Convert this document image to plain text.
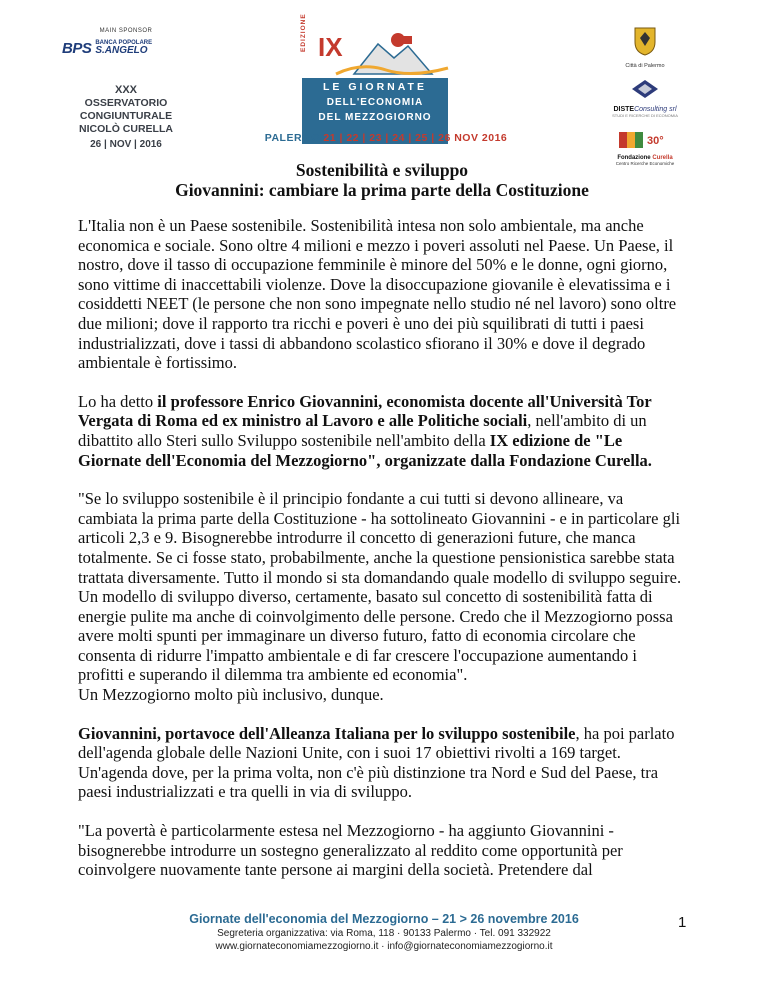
MAIN SPONSOR
BPS BANCA POPOLARE
S.ANGELO
XXX
OSSERVATORIO
CONGIUNTURALE
NICOLÒ CURELLA
26 | NOV | 2016
IX
EDIZIONE
LE GIORNATE
DELL'ECONOMIA
DEL MEZZOGIORNO
PALERMO 21 | 22 | 23 | 24 | 25 | 26 NOV 2016
Città di Palermo
DISTEConsulting srl
STUDI E RICERCHE DI ECONOMIA
30°
Fondazione Curella
Centro Ricerche Economiche
Sostenibilità e sviluppo
Giovannini: cambiare la prima parte della Costituzione

L'Italia non è un Paese sostenibile. Sostenibilità intesa non solo ambientale, ma anche economica e sociale. Sono oltre 4 milioni e mezzo i poveri assoluti nel Paese. Un Paese, il nostro, dove il tasso di occupazione femminile è minore del 50% e le donne, ogni giorno, sono vittime di inaccettabili violenze. Dove la disoccupazione giovanile è elevatissima e i cosiddetti NEET (le persone che non sono impegnate nello studio né nel lavoro) sono oltre due milioni; dove il rapporto tra ricchi e poveri è uno dei più squilibrati di tutti i paesi industrializzati, dove i tassi di abbandono scolastico sfiorano il 30% e dove il degrado ambientale è fortissimo.

Lo ha detto il professore Enrico Giovannini, economista docente all'Università Tor Vergata di Roma ed ex ministro al Lavoro e alle Politiche sociali, nell'ambito di un dibattito allo Steri sullo Sviluppo sostenibile nell'ambito della IX edizione de "Le Giornate dell'Economia del Mezzogiorno", organizzate dalla Fondazione Curella.

"Se lo sviluppo sostenibile è il principio fondante a cui tutti si devono allineare, va cambiata la prima parte della Costituzione - ha sottolineato Giovannini - e in particolare gli articoli 2,3 e 9. Bisognerebbe introdurre il concetto di generazioni future, che manca totalmente. Se ci fosse stato, probabilmente, anche la questione pensionistica sarebbe stata trattata diversamente. Tutto il mondo si sta domandando quale modello di sviluppo seguire. Un modello di sviluppo diverso, certamente, basato sul concetto di sostenibilità fatta di energie pulite ma anche di coinvolgimento delle persone. Credo che il Mezzogiorno possa avere molti spunti per immaginare un diverso futuro, fatto di economia circolare che consenta di ridurre l'impatto ambientale e di far crescere l'occupazione aumentando i profitti e superando il dilemma tra ambiente ed economia".
Un Mezzogiorno molto più inclusivo, dunque.

Giovannini, portavoce dell'Alleanza Italiana per lo sviluppo sostenibile, ha poi parlato dell'agenda globale delle Nazioni Unite, con i suoi 17 obiettivi rivolti a 169 target. Un'agenda dove, per la prima volta, non c'è più distinzione tra Nord e Sud del Paese, tra paesi industrializzati e tra quelli in via di sviluppo.

"La povertà è particolarmente estesa nel Mezzogiorno - ha aggiunto Giovannini - bisognerebbe introdurre un sostegno generalizzato al reddito come opportunità per coinvolgere nuovamente tante persone ai margini della società. Pretendere dal

Giornate dell'economia del Mezzogiorno – 21 > 26 novembre 2016
Segreteria organizzativa: via Roma, 118 · 90133 Palermo · Tel. 091 332922
www.giornateconomiamezzogiorno.it · info@giornateconomiamezzogiorno.it
1
